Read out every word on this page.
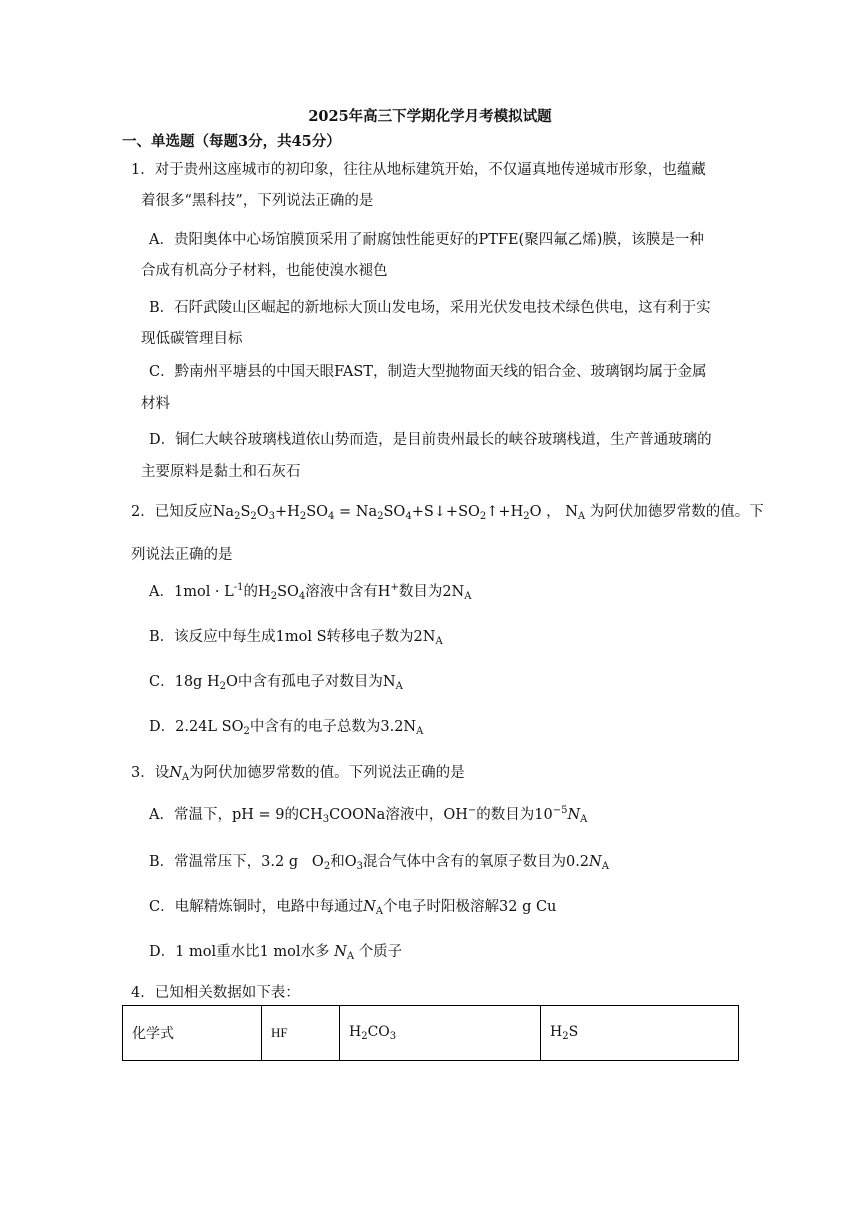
2025年高三下学期化学月考模拟试题
一、单选题（每题3分，共45分）
1．对于贵州这座城市的初印象，往往从地标建筑开始，不仅逼真地传递城市形象，也蕴藏
着很多“黑科技”，下列说法正确的是
A．贵阳奥体中心场馆膜顶采用了耐腐蚀性能更好的PTFE(聚四氟乙烯)膜，该膜是一种
合成有机高分子材料，也能使溴水褪色
B．石阡武陵山区崛起的新地标大顶山发电场，采用光伏发电技术绿色供电，这有利于实
现低碳管理目标
C．黔南州平塘县的中国天眼FAST，制造大型抛物面天线的铝合金、玻璃钢均属于金属
材料
D．铜仁大峡谷玻璃栈道依山势而造，是目前贵州最长的峡谷玻璃栈道，生产普通玻璃的
主要原料是黏土和石灰石
2．已知反应$Na_2S_2O_3+H_2SO_4$ = $Na_2SO_4+S↓+SO_2↑+H_2O$ ， $N_A$ 为阿伏加德罗常数的值。下
列说法正确的是
A．$1mol \cdot L^{-1}$的$H_2SO_4$溶液中含有H+数目为$2N_A$
B．该反应中每生成1mol S转移电子数为$2N_A$
C．18g $H_2O$中含有孤电子对数目为$N_A$
D．2.24L $SO_2$中含有的电子总数为$3.2N_A$
3．设$N_A$为阿伏加德罗常数的值。下列说法正确的是
A．常温下，pH = 9的$CH_3COONa$溶液中，OH−的数目为$10^{-5}N_A$
B．常温常压下，3.2 g   $O_2$和$O_3$混合气体中含有的氧原子数目为$0.2N_A$
C．电解精炼铜时，电路中每通过$N_A$个电子时阳极溶解32 g Cu
D．1 mol重水比1 mol水多 $N_A$ 个质子
4．已知相关数据如下表：
化学式	HF	$H_2CO_3$	$H_2S$
